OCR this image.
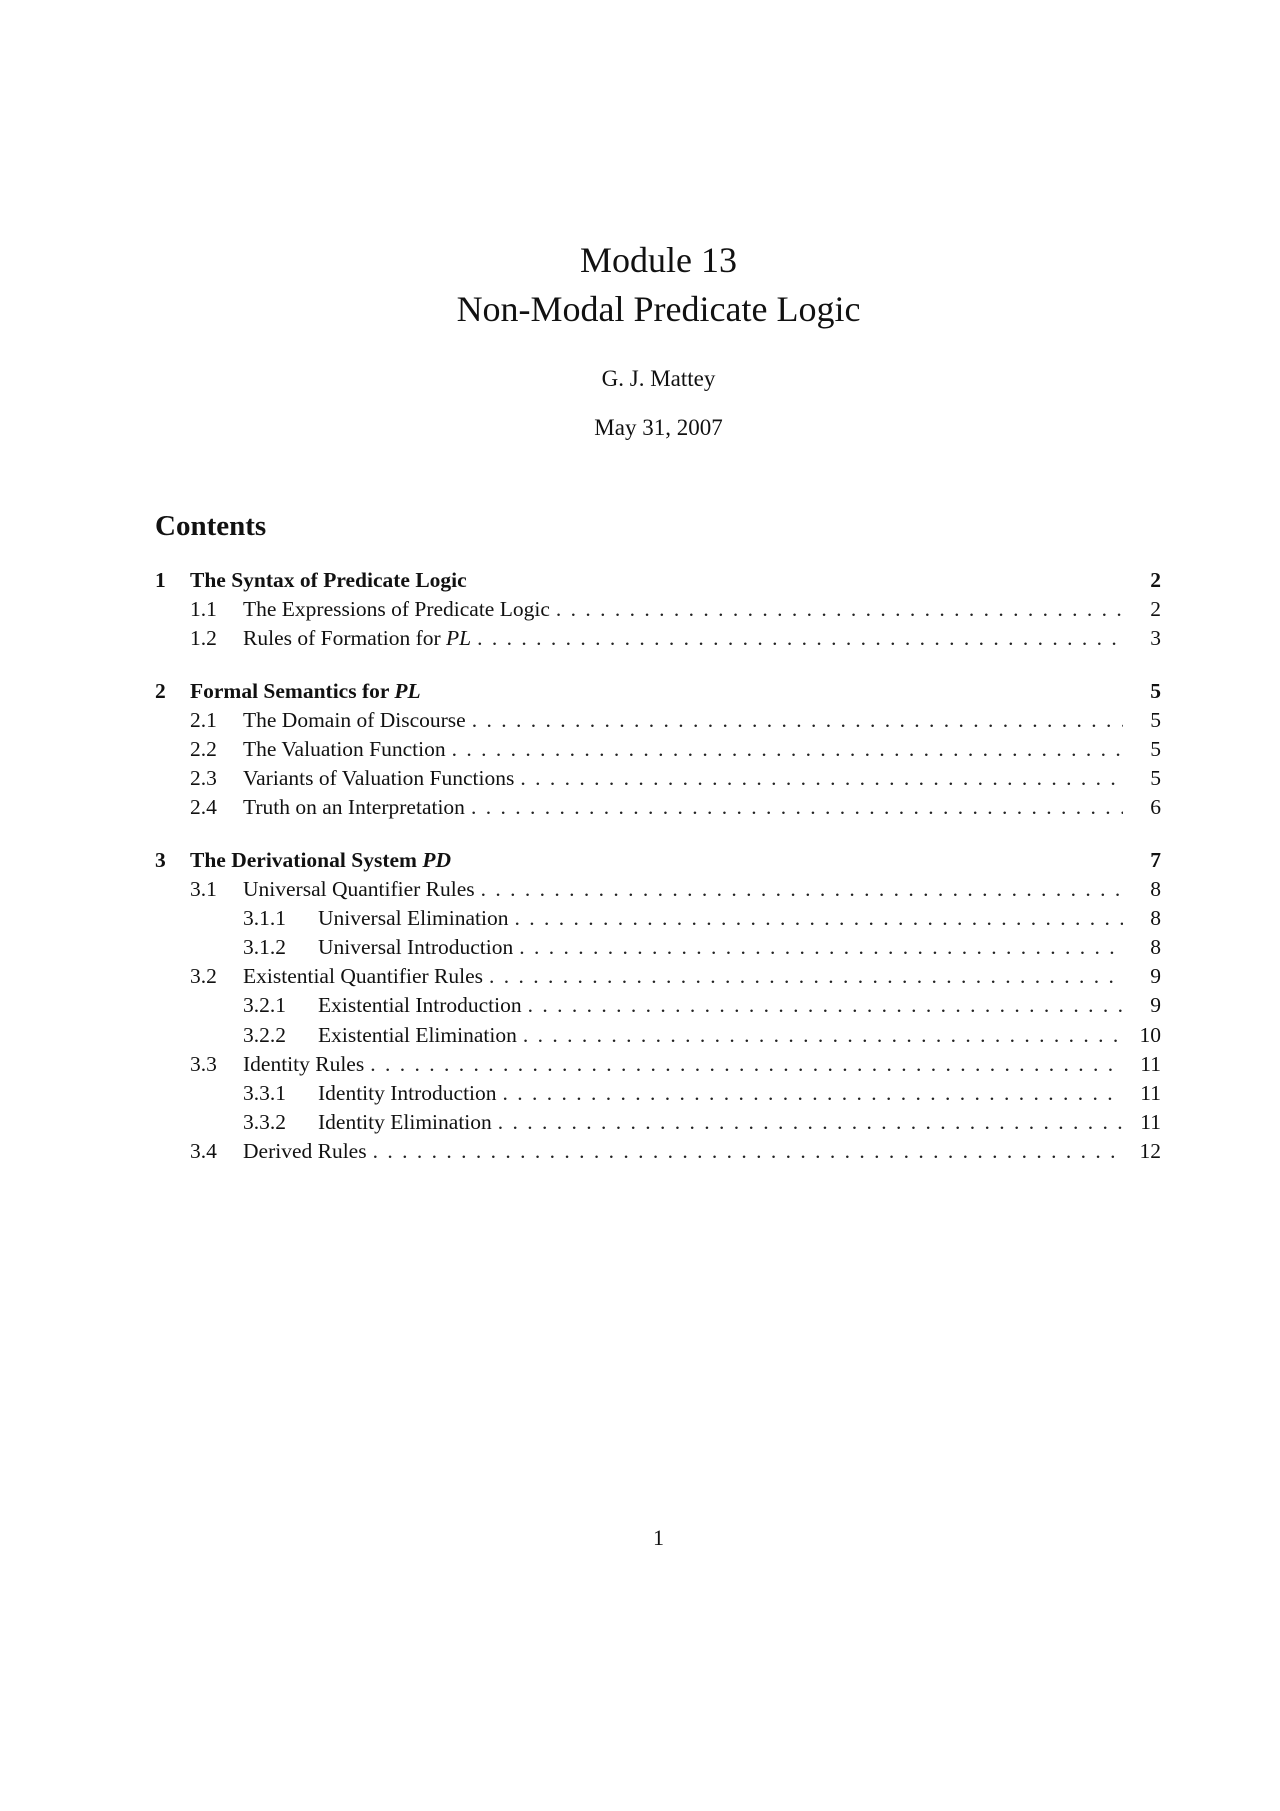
Module 13
Non-Modal Predicate Logic
G. J. Mattey
May 31, 2007
Contents
1	The Syntax of Predicate Logic	2
1.1	The Expressions of Predicate Logic . . .	2
1.2	Rules of Formation for PL . . .	3
2	Formal Semantics for PL	5
2.1	The Domain of Discourse . . .	5
2.2	The Valuation Function . . .	5
2.3	Variants of Valuation Functions . . .	5
2.4	Truth on an Interpretation . . .	6
3	The Derivational System PD	7
3.1	Universal Quantifier Rules . . .	8
3.1.1	Universal Elimination . . .	8
3.1.2	Universal Introduction . . .	8
3.2	Existential Quantifier Rules . . .	9
3.2.1	Existential Introduction . . .	9
3.2.2	Existential Elimination . . .	10
3.3	Identity Rules . . .	11
3.3.1	Identity Introduction . . .	11
3.3.2	Identity Elimination . . .	11
3.4	Derived Rules . . .	12
1
